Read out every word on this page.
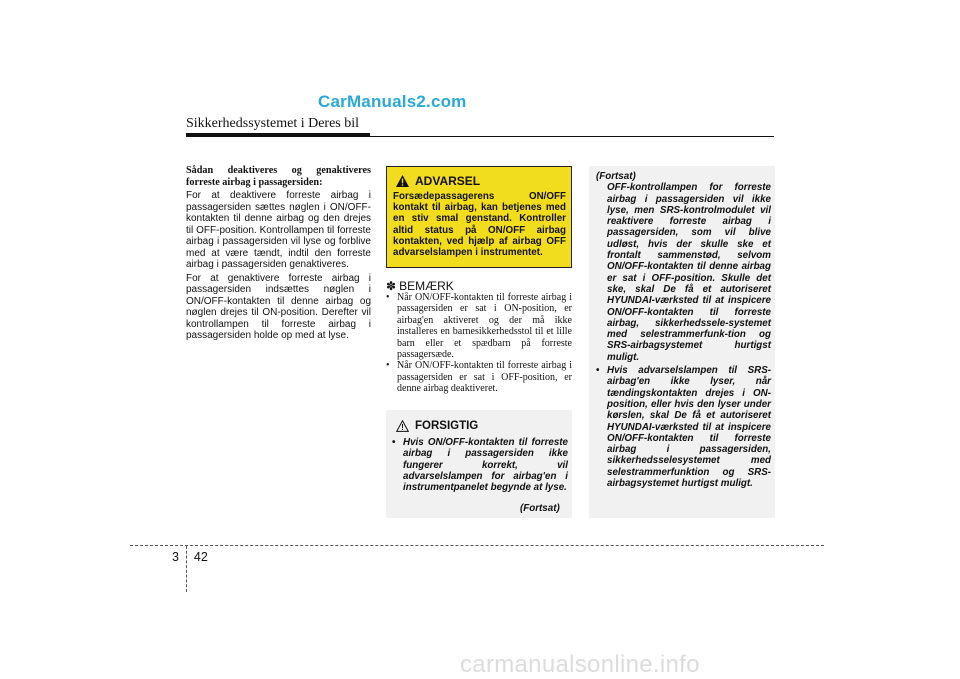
CarManuals2.com
Sikkerhedssystemet i Deres bil

Sådan deaktiveres og genaktiveres forreste airbag i passagersiden:

For at deaktivere forreste airbag i passagersiden sættes nøglen i ON/OFF-kontakten til denne airbag og den drejes til OFF-position. Kontrollampen til forreste airbag i passagersiden vil lyse og forblive med at være tændt, indtil den forreste airbag i passagersiden genaktiveres.

For at genaktivere forreste airbag i passagersiden indsættes nøglen i ON/OFF-kontakten til denne airbag og nøglen drejes til ON-position. Derefter vil kontrollampen til forreste airbag i passagersiden holde op med at lyse.

ADVARSEL
Forsædepassagerens ON/OFF kontakt til airbag, kan betjenes med en stiv smal genstand. Kontroller altid status på ON/OFF airbag kontakten, ved hjælp af airbag OFF advarselslampen i instrumentet.
✽ BEMÆRK
• Når ON/OFF-kontakten til forreste airbag i passagersiden er sat i ON-position, er airbag'en aktiveret og der må ikke installeres en barnesikkerhedsstol til et lille barn eller et spædbarn på forreste passagersæde.
• Når ON/OFF-kontakten til forreste airbag i passagersiden er sat i OFF-position, er denne airbag deaktiveret.
FORSIGTIG
• Hvis ON/OFF-kontakten til forreste airbag i passagersiden ikke fungerer korrekt, vil advarselslampen for airbag'en i instrumentpanelet begynde at lyse.
(Fortsat)
(Fortsat)
OFF-kontrollampen for forreste airbag i passagersiden vil ikke lyse, men SRS-kontrolmodulet vil reaktivere forreste airbag i passagersiden, som vil blive udløst, hvis der skulle ske et frontalt sammenstød, selvom ON/OFF-kontakten til denne airbag er sat i OFF-position. Skulle det ske, skal De få et autoriseret HYUNDAI-værksted til at inspicere ON/OFF-kontakten til forreste airbag, sikkerhedssele-systemet med selestrammerfunk-tion og SRS-airbagsystemet hurtigst muligt.
• Hvis advarselslampen til SRS-airbag'en ikke lyser, når tændingskontakten drejes i ON-position, eller hvis den lyser under kørslen, skal De få et autoriseret HYUNDAI-værksted til at inspicere ON/OFF-kontakten til forreste airbag i passagersiden, sikkerhedsselesystemet med selestrammerfunktion og SRS-airbagsystemet hurtigst muligt.
3 42
carmanualsonline.info
